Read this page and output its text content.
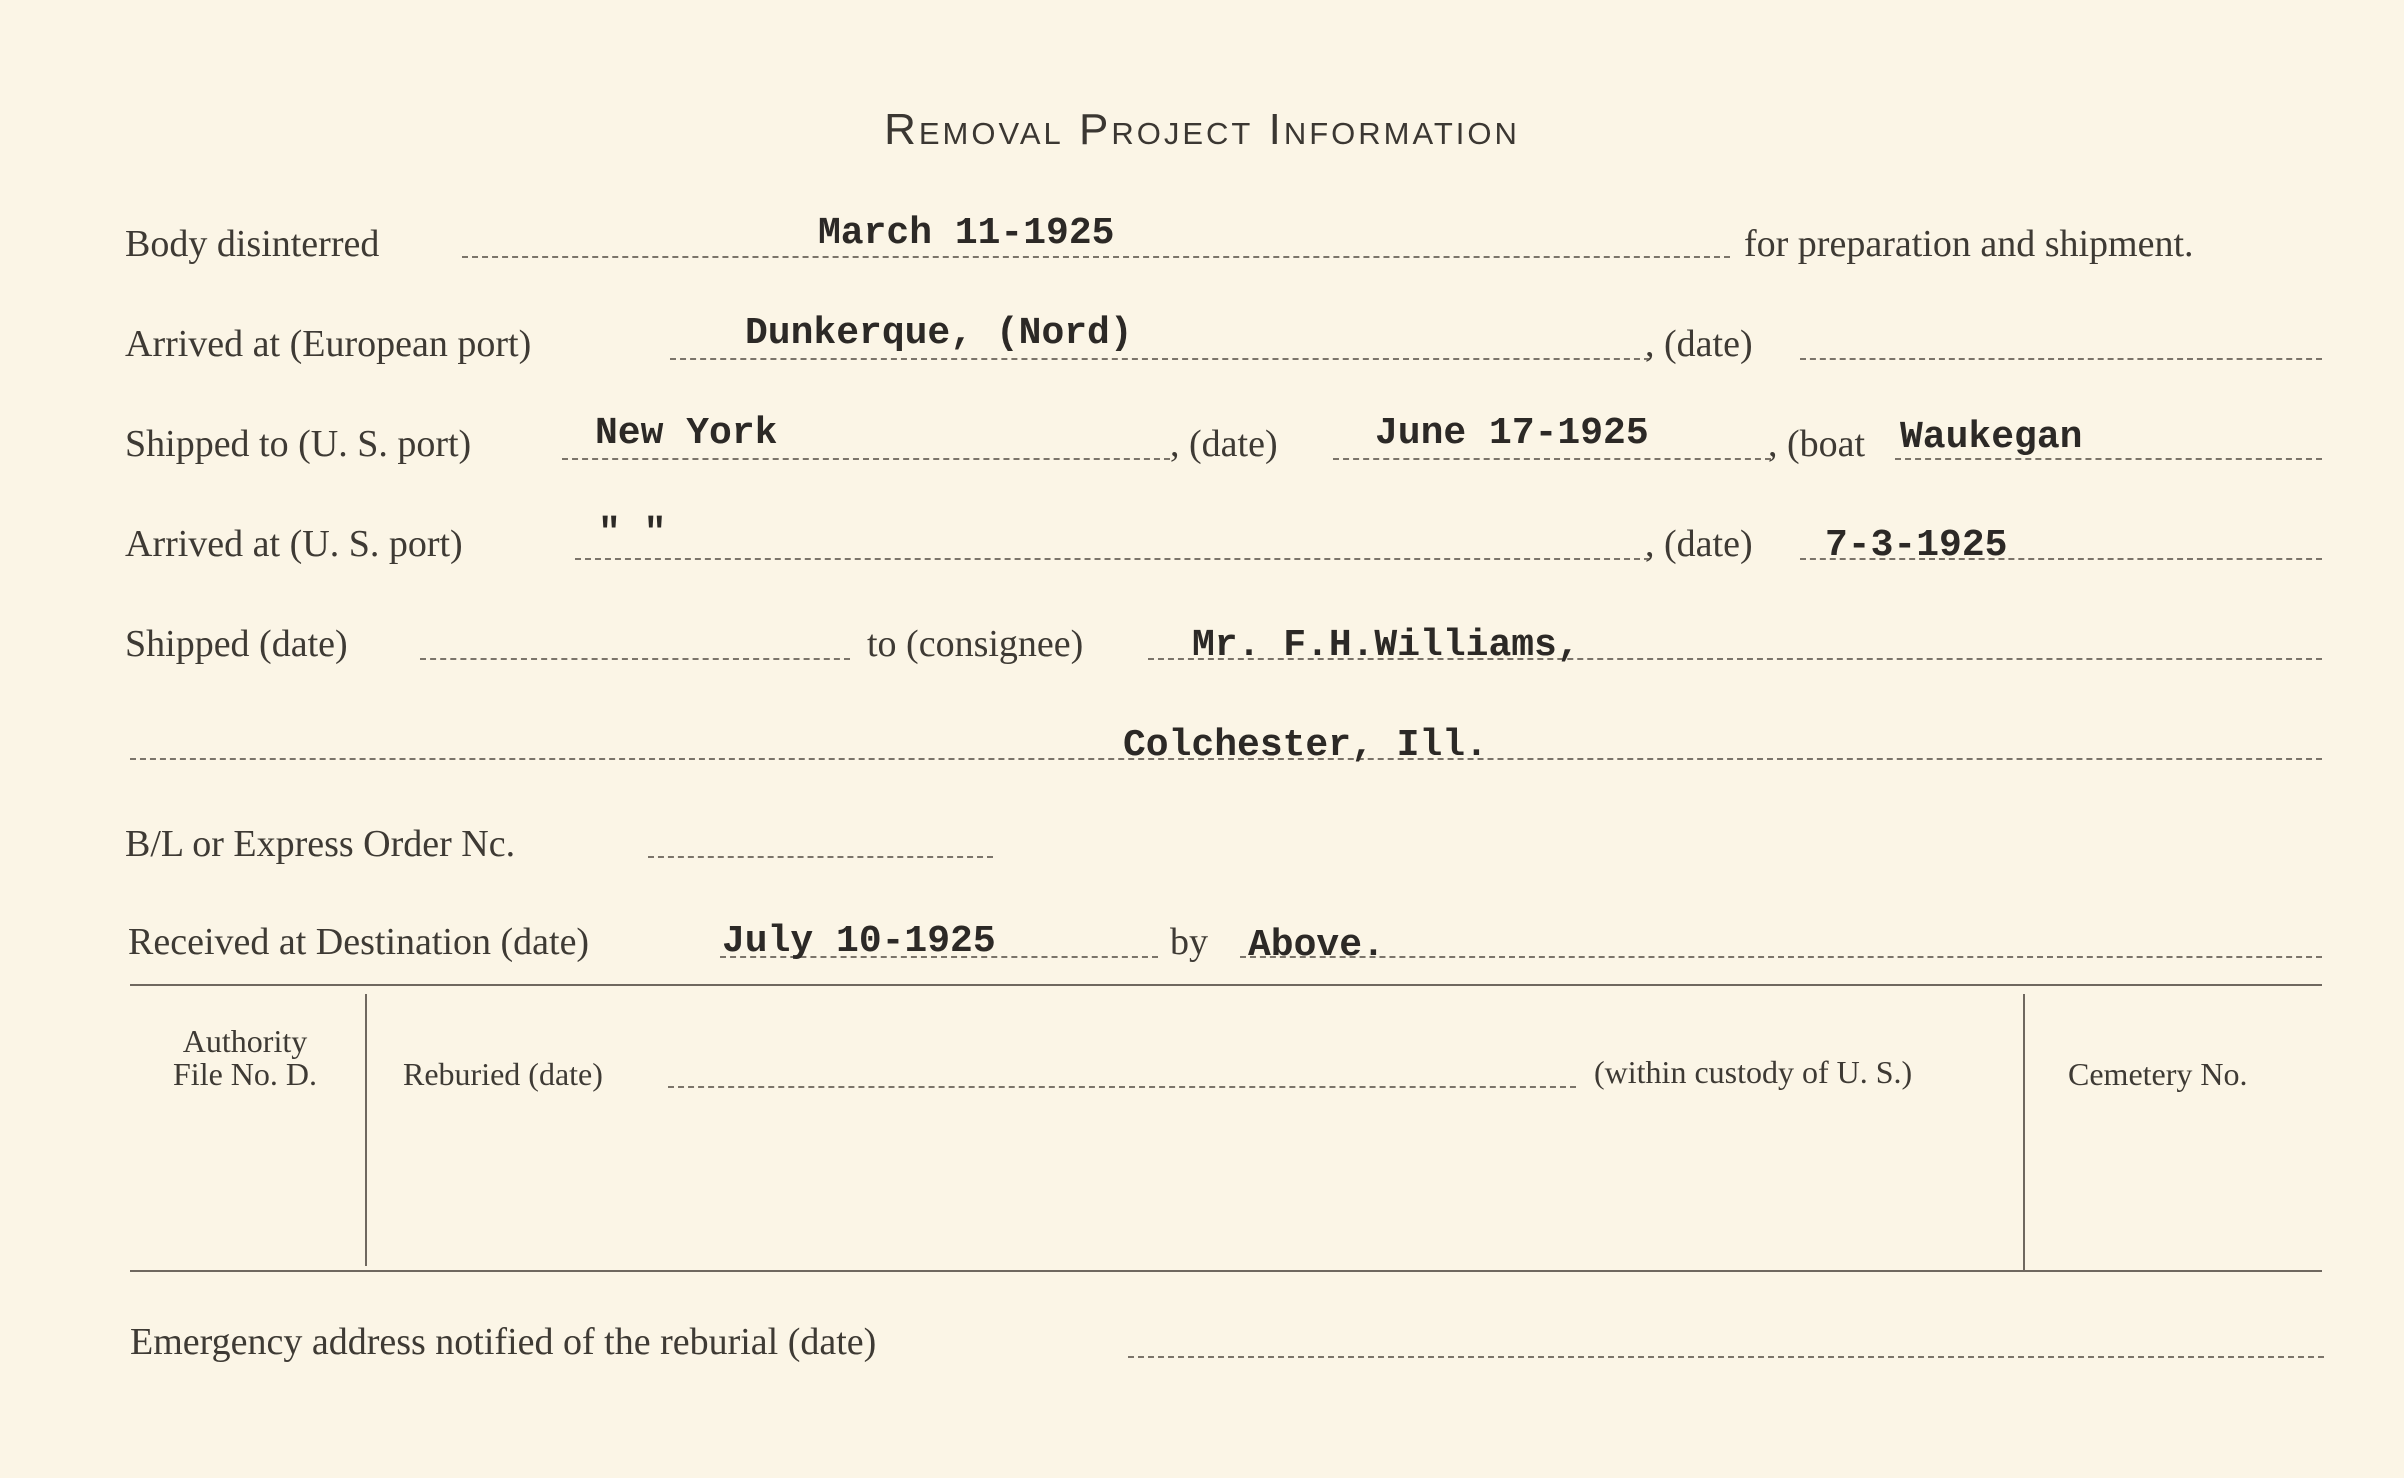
Removal Project Information
Body disinterred	March 11-1925	for preparation and shipment.
Arrived at (European port)	Dunkerque, (Nord)	, (date)
Shipped to (U. S. port)	New York	, (date)	June 17-1925	, (boat Waukegan
Arrived at (U. S. port)	" "	, (date) 7-3-1925
Shipped (date)	to (consignee)	Mr. F.H.Williams,
Colchester, Ill.
B/L or Express Order Nc.
Received at Destination (date)	July 10-1925	by Above.
Authority
File No. D.	Reburied (date)	(within custody of U. S.)	Cemetery No.
Emergency address notified of the reburial (date)
